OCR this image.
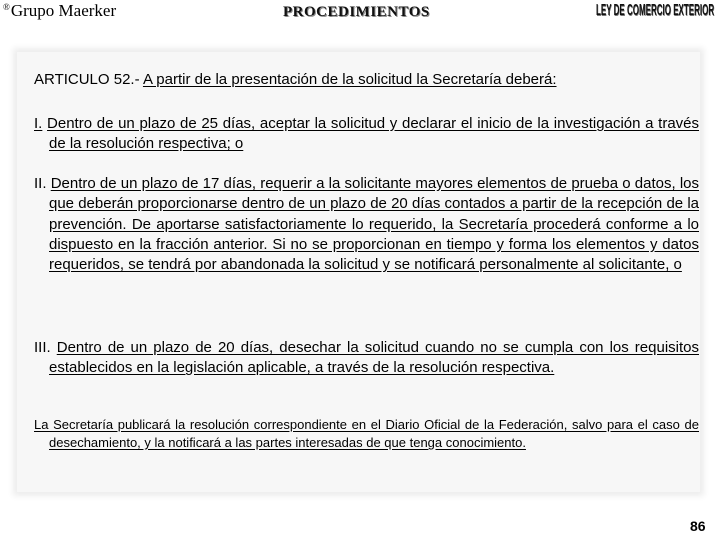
®Grupo Maerker	PROCEDIMIENTOS	LEY DE COMERCIO EXTERIOR
ARTICULO 52.- A partir de la presentación de la solicitud la Secretaría deberá:
I. Dentro de un plazo de 25 días, aceptar la solicitud y declarar el inicio de la investigación a través de la resolución respectiva; o
II. Dentro de un plazo de 17 días, requerir a la solicitante mayores elementos de prueba o datos, los que deberán proporcionarse dentro de un plazo de 20 días contados a partir de la recepción de la prevención. De aportarse satisfactoriamente lo requerido, la Secretaría procederá conforme a lo dispuesto en la fracción anterior. Si no se proporcionan en tiempo y forma los elementos y datos requeridos, se tendrá por abandonada la solicitud y se notificará personalmente al solicitante, o
III. Dentro de un plazo de 20 días, desechar la solicitud cuando no se cumpla con los requisitos establecidos en la legislación aplicable, a través de la resolución respectiva.
La Secretaría publicará la resolución correspondiente en el Diario Oficial de la Federación, salvo para el caso de desechamiento, y la notificará a las partes interesadas de que tenga conocimiento.
86
